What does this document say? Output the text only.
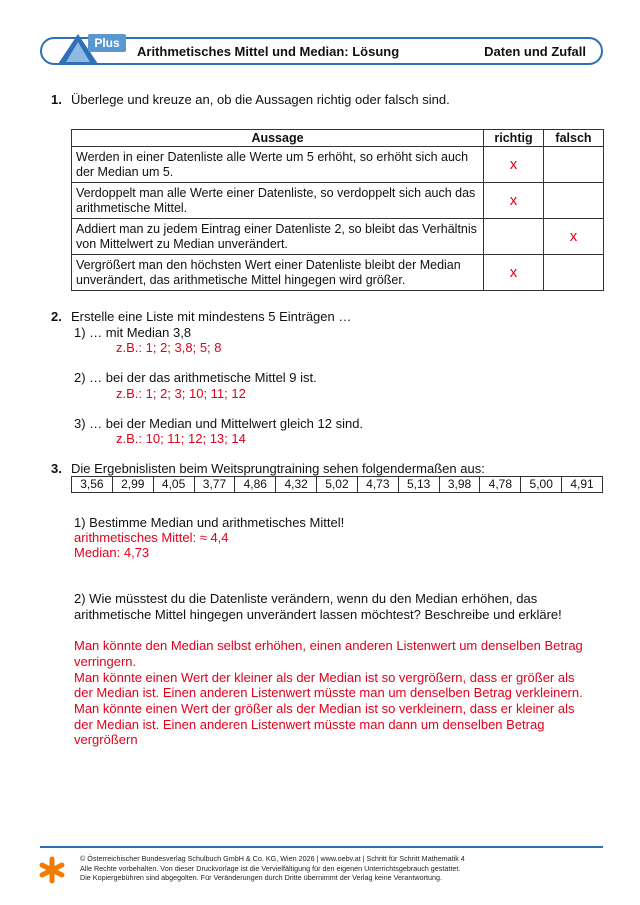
Plus
Arithmetisches Mittel und Median: Lösung	Daten und Zufall
1. Überlege und kreuze an, ob die Aussagen richtig oder falsch sind.
Aussage	richtig	falsch
Werden in einer Datenliste alle Werte um 5 erhöht, so erhöht sich auch
der Median um 5.	x	
Verdoppelt man alle Werte einer Datenliste, so verdoppelt sich auch das
arithmetische Mittel.	x	
Addiert man zu jedem Eintrag einer Datenliste 2, so bleibt das Verhältnis
von Mittelwert zu Median unverändert.		x
Vergrößert man den höchsten Wert einer Datenliste bleibt der Median
unverändert, das arithmetische Mittel hingegen wird größer.	x	
2. Erstelle eine Liste mit mindestens 5 Einträgen …
1) … mit Median 3,8
z.B.: 1; 2; 3,8; 5; 8
2) … bei der das arithmetische Mittel 9 ist.
z.B.: 1; 2; 3; 10; 11; 12
3) … bei der Median und Mittelwert gleich 12 sind.
z.B.: 10; 11; 12; 13; 14
3. Die Ergebnislisten beim Weitsprungtraining sehen folgendermaßen aus:
3,56	2,99	4,05	3,77	4,86	4,32	5,02	4,73	5,13	3,98	4,78	5,00	4,91
1) Bestimme Median und arithmetisches Mittel!
arithmetisches Mittel: ≈ 4,4
Median: 4,73
2) Wie müsstest du die Datenliste verändern, wenn du den Median erhöhen, das
arithmetische Mittel hingegen unverändert lassen möchtest? Beschreibe und erkläre!
Man könnte den Median selbst erhöhen, einen anderen Listenwert um denselben Betrag
verringern.
Man könnte einen Wert der kleiner als der Median ist so vergrößern, dass er größer als
der Median ist. Einen anderen Listenwert müsste man um denselben Betrag verkleinern.
Man könnte einen Wert der größer als der Median ist so verkleinern, dass er kleiner als
der Median ist. Einen anderen Listenwert müsste man dann um denselben Betrag
vergrößern
© Österreichischer Bundesverlag Schulbuch GmbH & Co. KG, Wien 2026 | www.oebv.at | Schritt für Schritt Mathematik 4
Alle Rechte vorbehalten. Von dieser Druckvorlage ist die Vervielfältigung für den eigenen Unterrichtsgebrauch gestattet.
Die Kopiergebühren sind abgegolten. Für Veränderungen durch Dritte übernimmt der Verlag keine Verantwortung.
